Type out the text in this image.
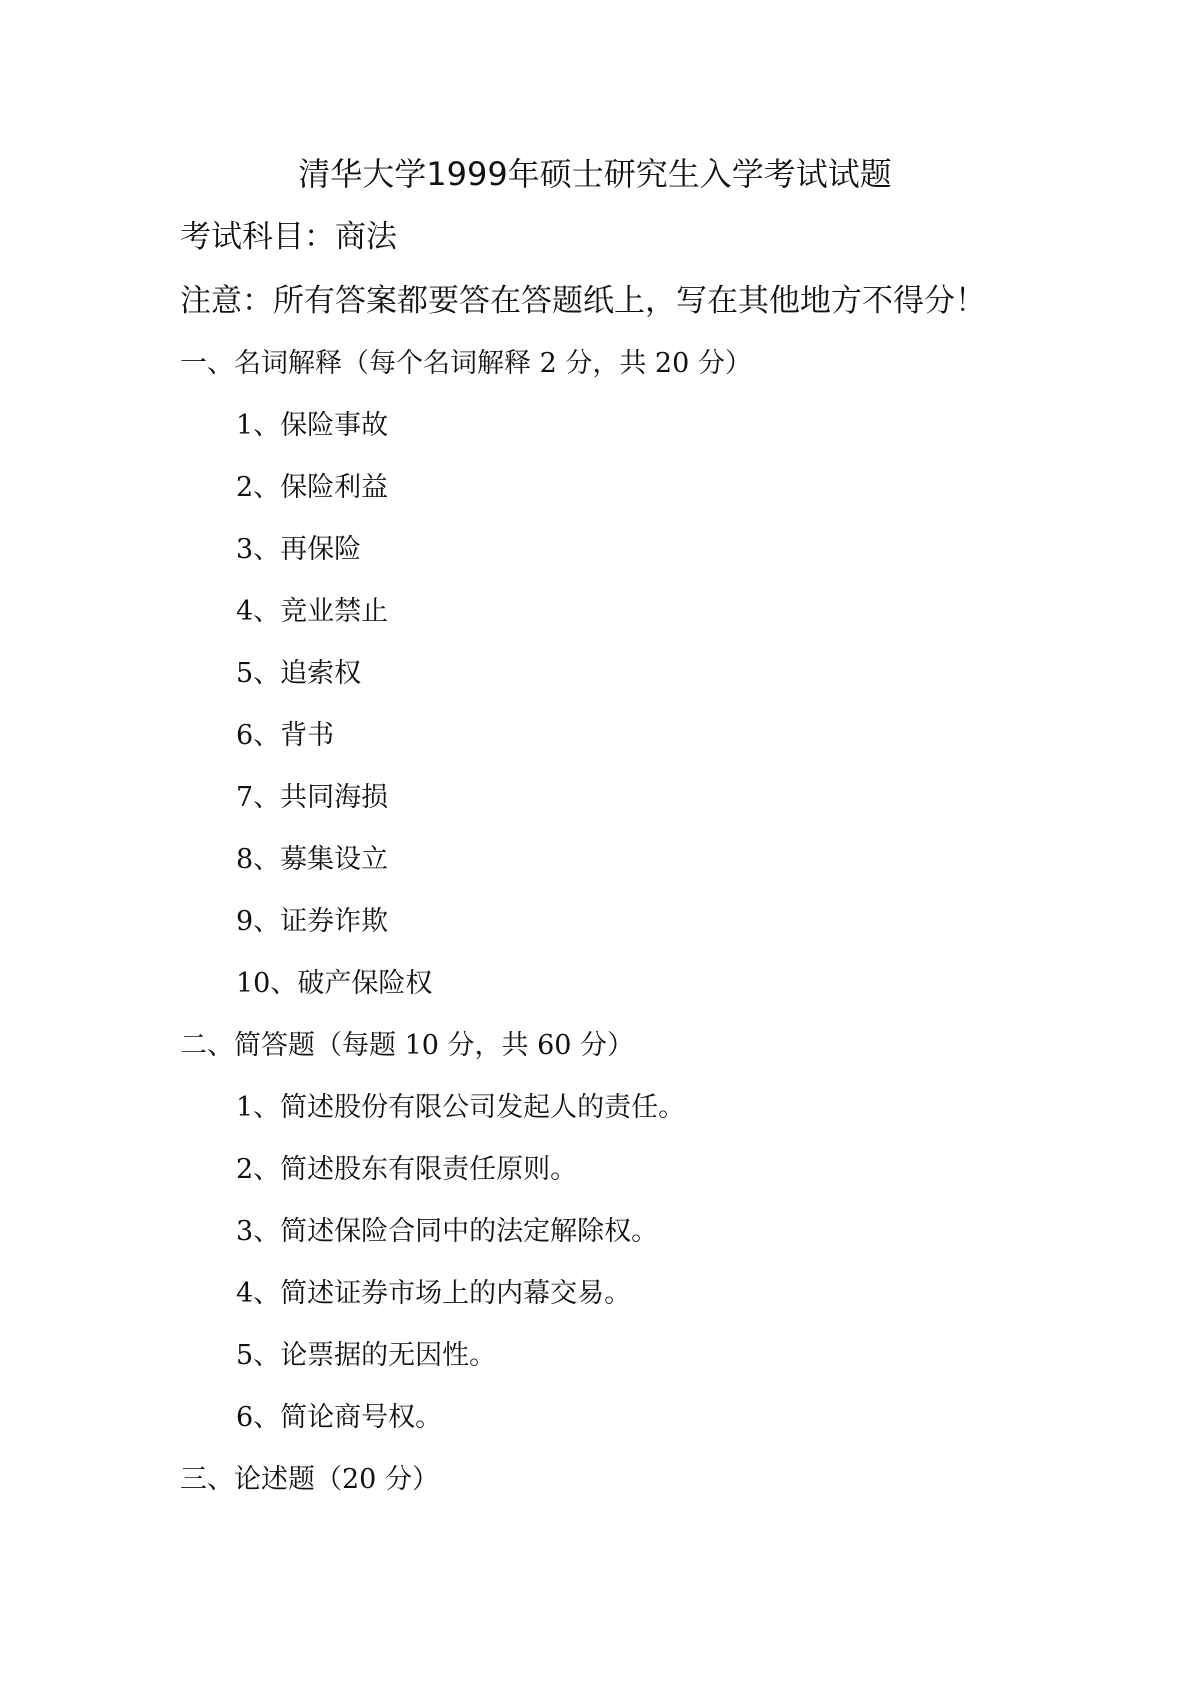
清华大学1999年硕士研究生入学考试试题
考试科目：商法
注意：所有答案都要答在答题纸上，写在其他地方不得分！
一、名词解释（每个名词解释 2 分，共 20 分）
1、保险事故
2、保险利益
3、再保险
4、竞业禁止
5、追索权
6、背书
7、共同海损
8、募集设立
9、证券诈欺
10、破产保险权
二、简答题（每题 10 分，共 60 分）
1、简述股份有限公司发起人的责任。
2、简述股东有限责任原则。
3、简述保险合同中的法定解除权。
4、简述证券市场上的内幕交易。
5、论票据的无因性。
6、简论商号权。
三、论述题（20 分）
